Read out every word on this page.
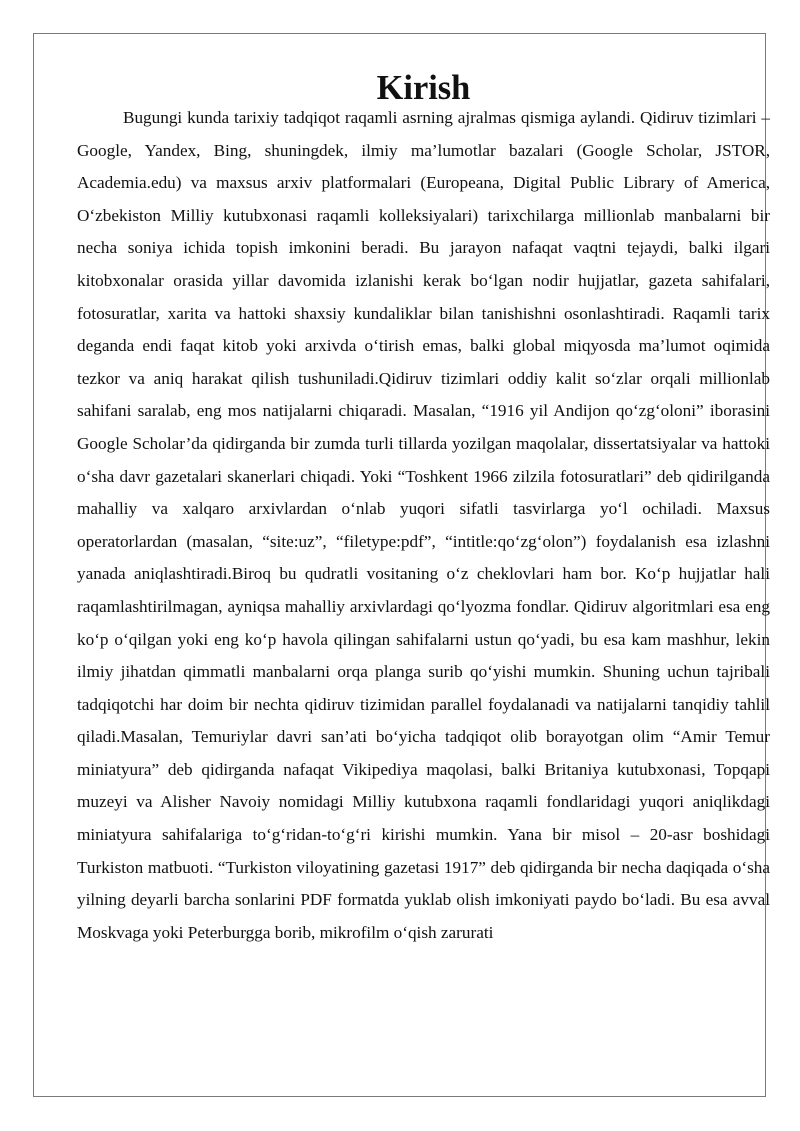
Kirish

Bugungi kunda tarixiy tadqiqot raqamli asrning ajralmas qismiga aylandi. Qidiruv tizimlari – Google, Yandex, Bing, shuningdek, ilmiy ma’lumotlar bazalari (Google Scholar, JSTOR, Academia.edu) va maxsus arxiv platformalari (Europeana, Digital Public Library of America, O‘zbekiston Milliy kutubxonasi raqamli kolleksiyalari) tarixchilarga millionlab manbalarni bir necha soniya ichida topish imkonini beradi. Bu jarayon nafaqat vaqtni tejaydi, balki ilgari kitobxonalar orasida yillar davomida izlanishi kerak bo‘lgan nodir hujjatlar, gazeta sahifalari, fotosuratlar, xarita va hattoki shaxsiy kundaliklar bilan tanishishni osonlashtiradi. Raqamli tarix deganda endi faqat kitob yoki arxivda o‘tirish emas, balki global miqyosda ma’lumot oqimida tezkor va aniq harakat qilish tushuniladi.Qidiruv tizimlari oddiy kalit so‘zlar orqali millionlab sahifani saralab, eng mos natijalarni chiqaradi. Masalan, “1916 yil Andijon qo‘zg‘oloni” iborasini Google Scholar’da qidirganda bir zumda turli tillarda yozilgan maqolalar, dissertatsiyalar va hattoki o‘sha davr gazetalari skanerlari chiqadi. Yoki “Toshkent 1966 zilzila fotosuratlari” deb qidirilganda mahalliy va xalqaro arxivlardan o‘nlab yuqori sifatli tasvirlarga yo‘l ochiladi. Maxsus operatorlardan (masalan, “site:uz”, “filetype:pdf”, “intitle:qo‘zg‘olon”) foydalanish esa izlashni yanada aniqlashtiradi.Biroq bu qudratli vositaning o‘z cheklovlari ham bor. Ko‘p hujjatlar hali raqamlashtirilmagan, ayniqsa mahalliy arxivlardagi qo‘lyozma fondlar. Qidiruv algoritmlari esa eng ko‘p o‘qilgan yoki eng ko‘p havola qilingan sahifalarni ustun qo‘yadi, bu esa kam mashhur, lekin ilmiy jihatdan qimmatli manbalarni orqa planga surib qo‘yishi mumkin. Shuning uchun tajribali tadqiqotchi har doim bir nechta qidiruv tizimidan parallel foydalanadi va natijalarni tanqidiy tahlil qiladi.Masalan, Temuriylar davri san’ati bo‘yicha tadqiqot olib borayotgan olim “Amir Temur miniatyura” deb qidirganda nafaqat Vikipediya maqolasi, balki Britaniya kutubxonasi, Topqapi muzeyi va Alisher Navoiy nomidagi Milliy kutubxona raqamli fondlaridagi yuqori aniqlikdagi miniatyura sahifalariga to‘g‘ridan-to‘g‘ri kirishi mumkin. Yana bir misol – 20-asr boshidagi Turkiston matbuoti. “Turkiston viloyatining gazetasi 1917” deb qidirganda bir necha daqiqada o‘sha yilning deyarli barcha sonlarini PDF formatda yuklab olish imkoniyati paydo bo‘ladi. Bu esa avval Moskvaga yoki Peterburgga borib, mikrofilm o‘qish zarurati
